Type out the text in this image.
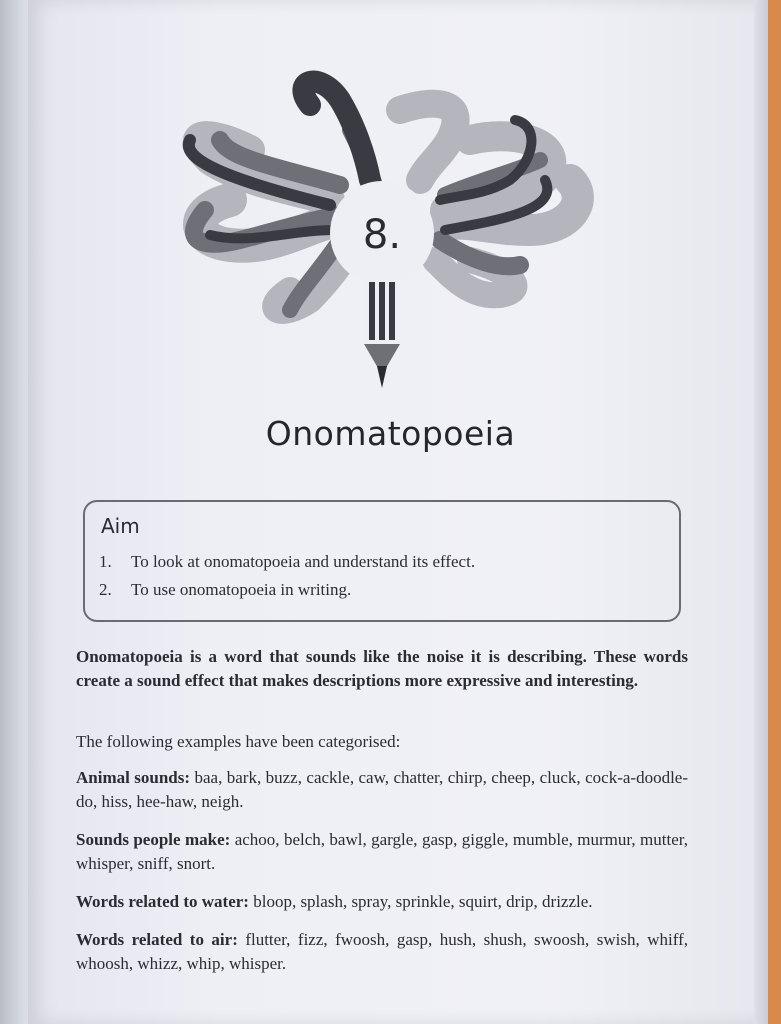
8.
Onomatopoeia
Aim
1. To look at onomatopoeia and understand its effect.
2. To use onomatopoeia in writing.
Onomatopoeia is a word that sounds like the noise it is describing. These words create a sound effect that makes descriptions more expressive and interesting.
The following examples have been categorised:
Animal sounds: baa, bark, buzz, cackle, caw, chatter, chirp, cheep, cluck, cock-a-doodle-do, hiss, hee-haw, neigh.
Sounds people make: achoo, belch, bawl, gargle, gasp, giggle, mumble, murmur, mutter, whisper, sniff, snort.
Words related to water: bloop, splash, spray, sprinkle, squirt, drip, drizzle.
Words related to air: flutter, fizz, fwoosh, gasp, hush, shush, swoosh, swish, whiff, whoosh, whizz, whip, whisper.
